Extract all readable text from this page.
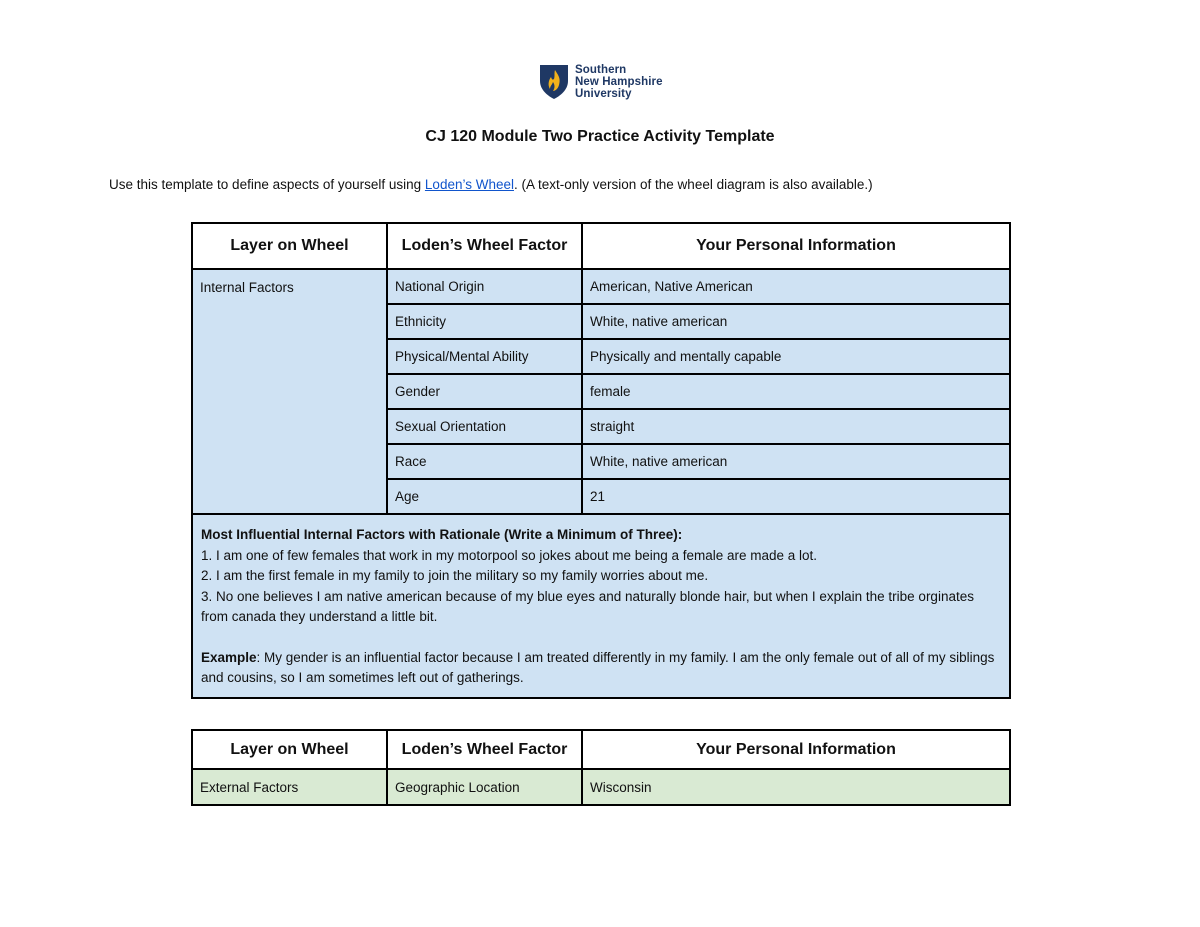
Southern
New Hampshire
University
CJ 120 Module Two Practice Activity Template
Use this template to define aspects of yourself using Loden’s Wheel. (A text-only version of the wheel diagram is also available.)
Layer on Wheel	Loden’s Wheel Factor	Your Personal Information
Internal Factors	National Origin	American, Native American
	Ethnicity	White, native american
	Physical/Mental Ability	Physically and mentally capable
	Gender	female
	Sexual Orientation	straight
	Race	White, native american
	Age	21

Most Influential Internal Factors with Rationale (Write a Minimum of Three):
1. I am one of few females that work in my motorpool so jokes about me being a female are made a lot.
2. I am the first female in my family to join the military so my family worries about me.
3. No one believes I am native american because of my blue eyes and naturally blonde hair, but when I explain the tribe orginates from canada they understand a little bit.
Example: My gender is an influential factor because I am treated differently in my family. I am the only female out of all of my siblings and cousins, so I am sometimes left out of gatherings.		
Layer on Wheel	Loden’s Wheel Factor	Your Personal Information
External Factors	Geographic Location	Wisconsin
